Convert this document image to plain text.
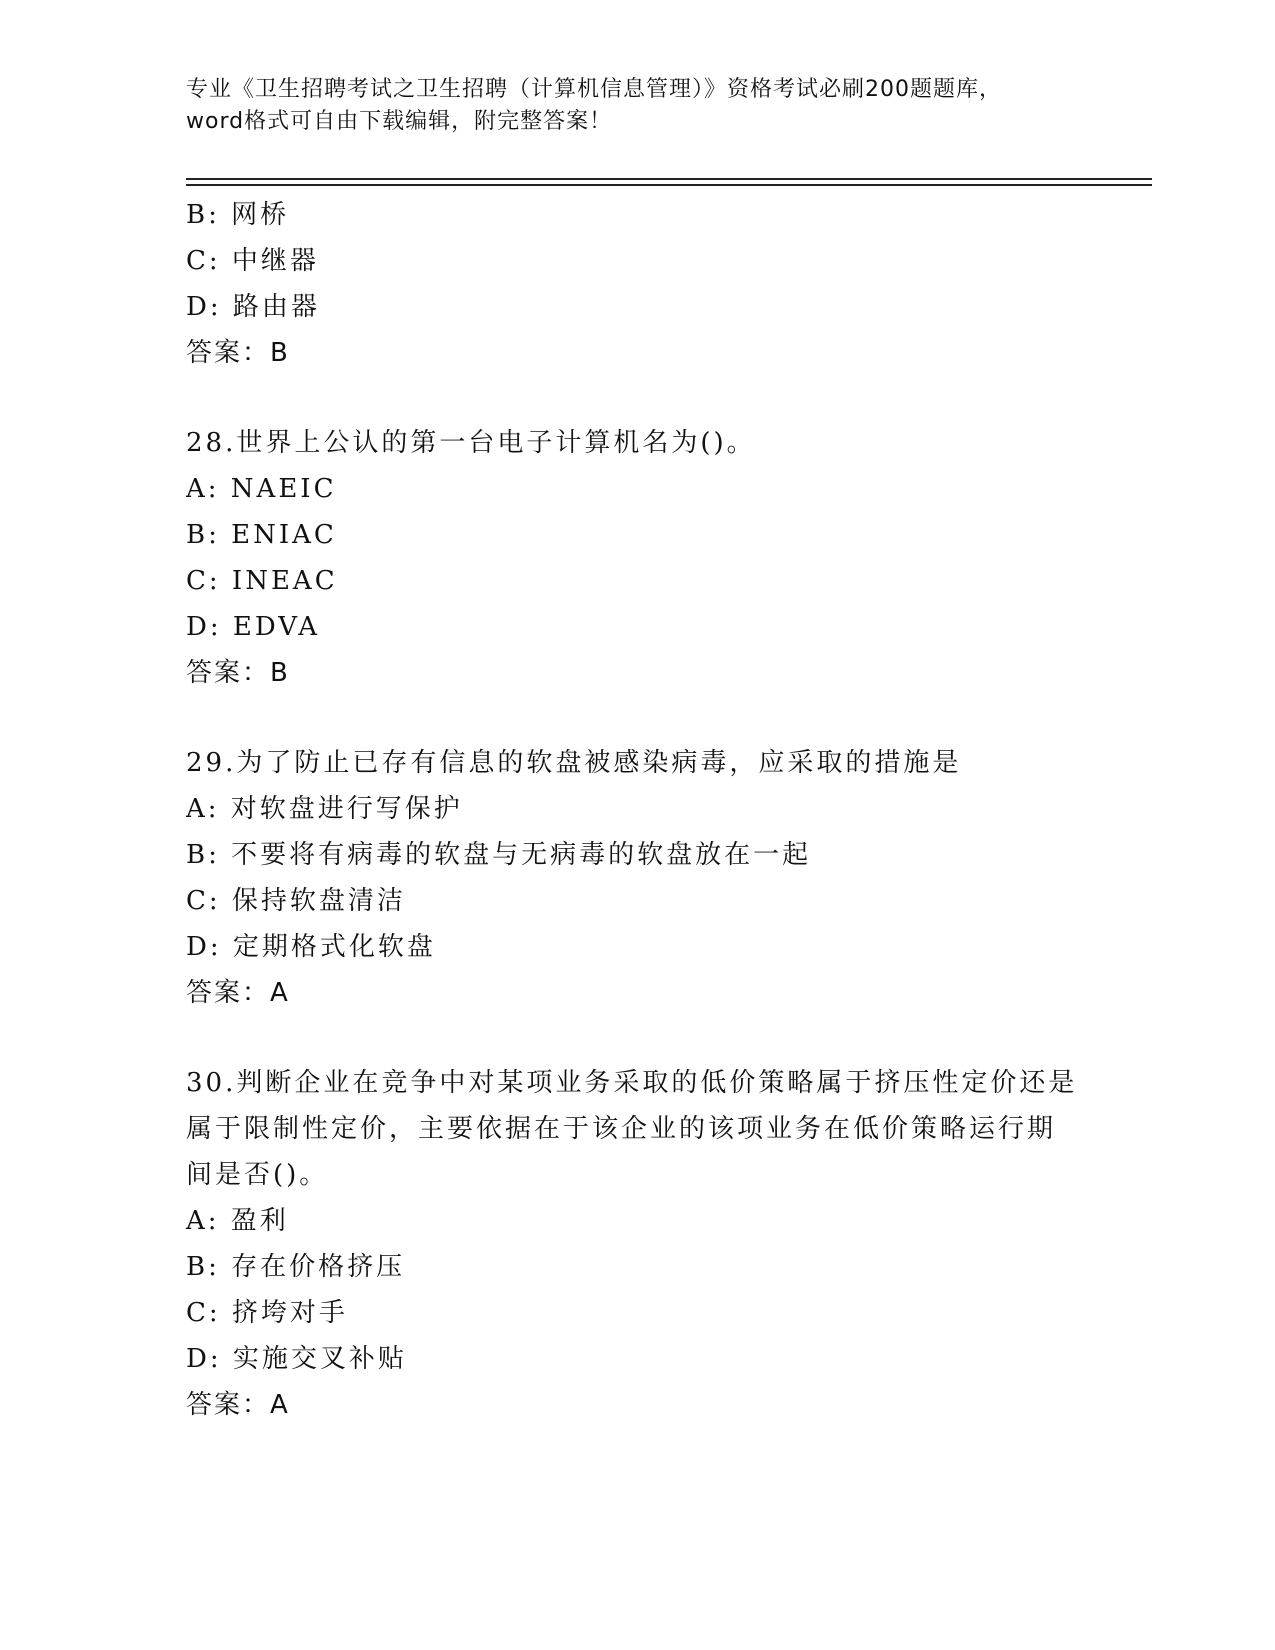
专业《卫生招聘考试之卫生招聘（计算机信息管理）》资格考试必刷200题题库，
word格式可自由下载编辑，附完整答案！
B: 网桥
C: 中继器
D: 路由器
答案：B
28.世界上公认的第一台电子计算机名为()。
A: NAEIC
B: ENIAC
C: INEAC
D: EDVA
答案：B
29.为了防止已存有信息的软盘被感染病毒，应采取的措施是
A: 对软盘进行写保护
B: 不要将有病毒的软盘与无病毒的软盘放在一起
C: 保持软盘清洁
D: 定期格式化软盘
答案：A
30.判断企业在竞争中对某项业务采取的低价策略属于挤压性定价还是
属于限制性定价，主要依据在于该企业的该项业务在低价策略运行期
间是否()。
A: 盈利
B: 存在价格挤压
C: 挤垮对手
D: 实施交叉补贴
答案：A
